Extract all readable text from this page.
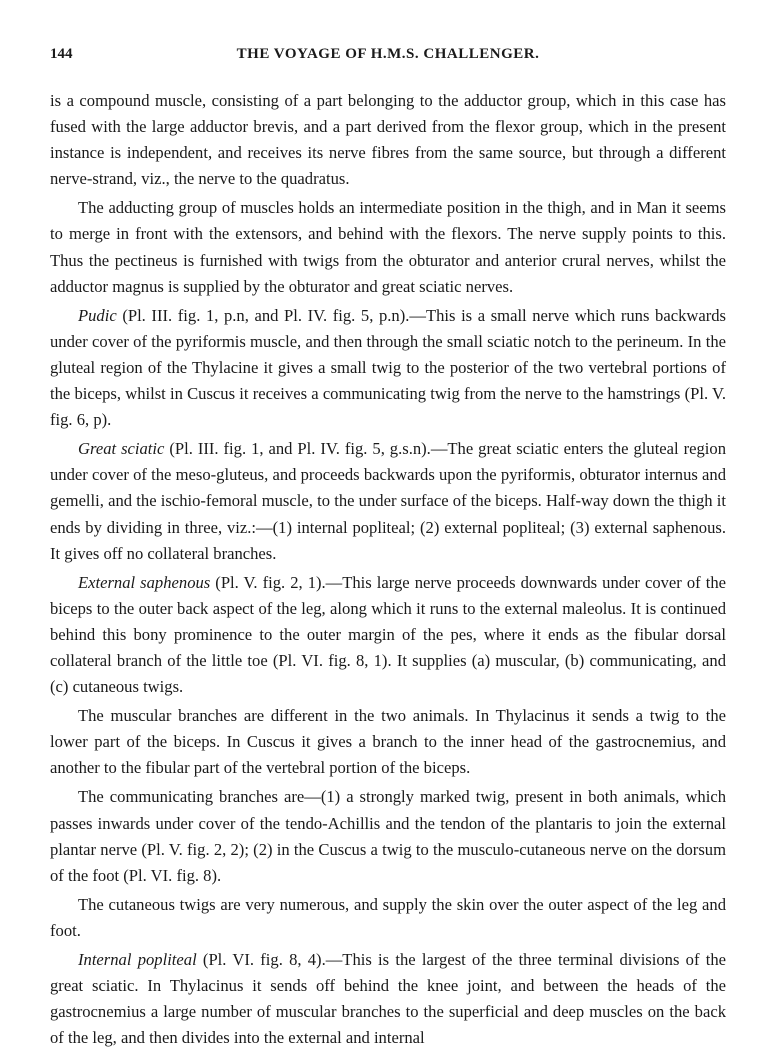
144	THE VOYAGE OF H.M.S. CHALLENGER.

is a compound muscle, consisting of a part belonging to the adductor group, which in this case has fused with the large adductor brevis, and a part derived from the flexor group, which in the present instance is independent, and receives its nerve fibres from the same source, but through a different nerve-strand, viz., the nerve to the quadratus.

The adducting group of muscles holds an intermediate position in the thigh, and in Man it seems to merge in front with the extensors, and behind with the flexors. The nerve supply points to this. Thus the pectineus is furnished with twigs from the obturator and anterior crural nerves, whilst the adductor magnus is supplied by the obturator and great sciatic nerves.

Pudic (Pl. III. fig. 1, p.n, and Pl. IV. fig. 5, p.n).—This is a small nerve which runs backwards under cover of the pyriformis muscle, and then through the small sciatic notch to the perineum. In the gluteal region of the Thylacine it gives a small twig to the posterior of the two vertebral portions of the biceps, whilst in Cuscus it receives a communicating twig from the nerve to the hamstrings (Pl. V. fig. 6, p).

Great sciatic (Pl. III. fig. 1, and Pl. IV. fig. 5, g.s.n).—The great sciatic enters the gluteal region under cover of the meso-gluteus, and proceeds backwards upon the pyriformis, obturator internus and gemelli, and the ischio-femoral muscle, to the under surface of the biceps. Half-way down the thigh it ends by dividing in three, viz.:—(1) internal popliteal; (2) external popliteal; (3) external saphenous. It gives off no collateral branches.

External saphenous (Pl. V. fig. 2, 1).—This large nerve proceeds downwards under cover of the biceps to the outer back aspect of the leg, along which it runs to the external maleolus. It is continued behind this bony prominence to the outer margin of the pes, where it ends as the fibular dorsal collateral branch of the little toe (Pl. VI. fig. 8, 1). It supplies (a) muscular, (b) communicating, and (c) cutaneous twigs.

The muscular branches are different in the two animals. In Thylacinus it sends a twig to the lower part of the biceps. In Cuscus it gives a branch to the inner head of the gastrocnemius, and another to the fibular part of the vertebral portion of the biceps.

The communicating branches are—(1) a strongly marked twig, present in both animals, which passes inwards under cover of the tendo-Achillis and the tendon of the plantaris to join the external plantar nerve (Pl. V. fig. 2, 2); (2) in the Cuscus a twig to the musculo-cutaneous nerve on the dorsum of the foot (Pl. VI. fig. 8).

The cutaneous twigs are very numerous, and supply the skin over the outer aspect of the leg and foot.

Internal popliteal (Pl. VI. fig. 8, 4).—This is the largest of the three terminal divisions of the great sciatic. In Thylacinus it sends off behind the knee joint, and between the heads of the gastrocnemius a large number of muscular branches to the superficial and deep muscles on the back of the leg, and then divides into the external and internal
